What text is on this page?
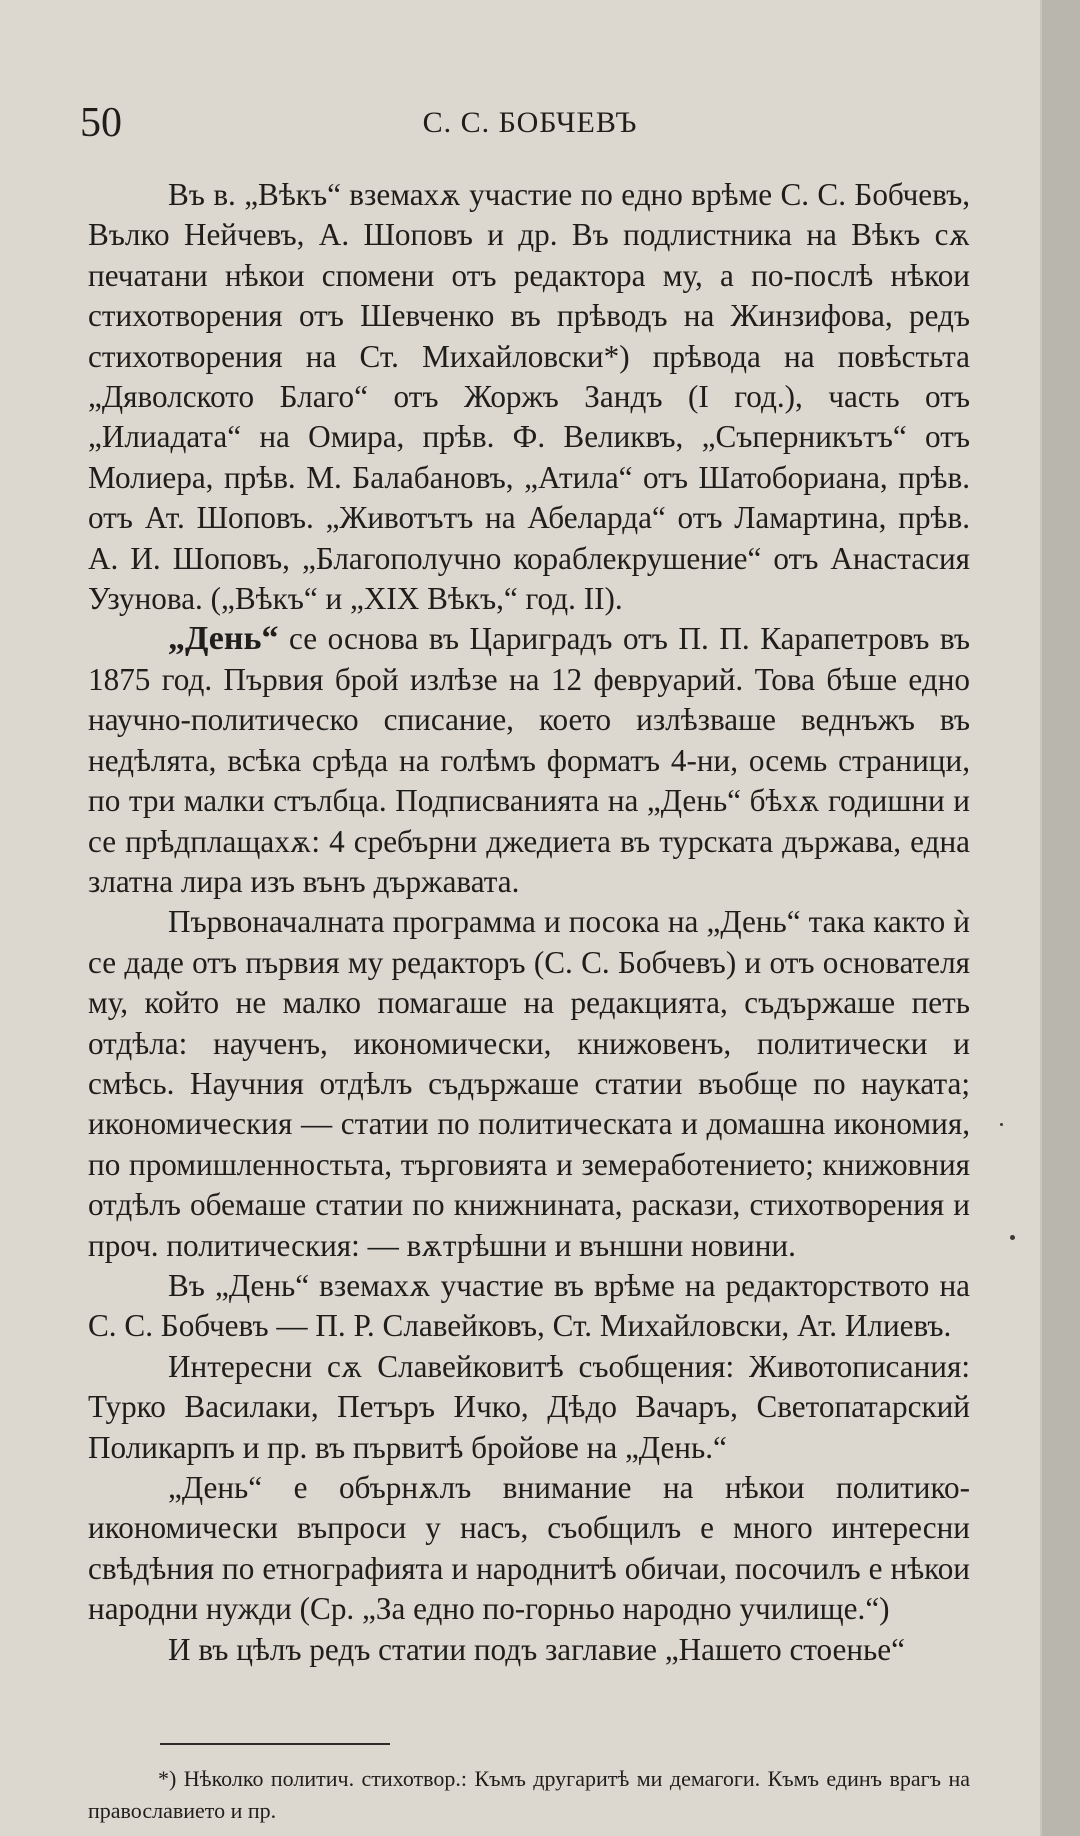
50	С. С. БОБЧЕВЪ

Въ в. „Вѣкъ“ вземахѫ участие по едно врѣме С. С. Бобчевъ, Вълко Нейчевъ, А. Шоповъ и др. Въ подлистника на Вѣкъ сѫ печатани нѣкои спомени отъ редактора му, а по-послѣ нѣкои стихотворения отъ Шевченко въ прѣводъ на Жинзифова, редъ стихотворения на Ст. Михайловски*) прѣвода на повѣстьта „Дяволското Благо“ отъ Жоржъ Зандъ (I год.), часть отъ „Илиадата“ на Омира, прѣв. Ф. Великвъ, „Съперникътъ“ отъ Молиера, прѣв. М. Балабановъ, „Атила“ отъ Шатобориана, прѣв. отъ Ат. Шоповъ. „Животътъ на Абеларда“ отъ Ламартина, прѣв. А. И. Шоповъ, „Благополучно кораблекрушение“ отъ Анастасия Узунова. („Вѣкъ“ и „XIX Вѣкъ,“ год. II).

„День“ се основа въ Цариградъ отъ П. П. Карапетровъ въ 1875 год. Първия брой излѣзе на 12 февруарий. Това бѣше едно научно-политическо списание, което излѣзваше веднъжъ въ недѣлята, всѣка срѣда на голѣмъ форматъ 4-ни, осемь страници, по три малки стълбца. Подписванията на „День“ бѣхѫ годишни и се прѣдплащахѫ: 4 сребърни джедиета въ турската държава, една златна лира изъ вънъ държавата.

Първоначалната программа и посока на „День“ така както ѝ се даде отъ първия му редакторъ (С. С. Бобчевъ) и отъ основателя му, който не малко помагаше на редакцията, съдържаше петь отдѣла: наученъ, икономически, книжовенъ, политически и смѣсь. Научния отдѣлъ съдържаше статии въобще по науката; икономическия — статии по политическата и домашна икономия, по промишленностьта, търговията и земеработението; книжовния отдѣлъ обемаше статии по книжнината, раскази, стихотворения и проч. политическия: — вѫтрѣшни и външни новини.

Въ „День“ вземахѫ участие въ врѣме на редакторството на С. С. Бобчевъ — П. Р. Славейковъ, Ст. Михайловски, Ат. Илиевъ.

Интересни сѫ Славейковитѣ съобщения: Животописания: Турко Василаки, Петъръ Ичко, Дѣдо Вачаръ, Светопатарский Поликарпъ и пр. въ първитѣ бройове на „День.“

„День“ е обърнѫлъ внимание на нѣкои политико-икономически въпроси у насъ, съобщилъ е много интересни свѣдѣния по етнографията и народнитѣ обичаи, посочилъ е нѣкои народни нужди (Ср. „За едно по-горньо народно училище.“)

И въ цѣлъ редъ статии подъ заглавие „Нашето стоенье“

*) Нѣколко политич. стихотвор.: Къмъ другаритѣ ми демагоги. Къмъ единъ врагъ на православието и пр.
